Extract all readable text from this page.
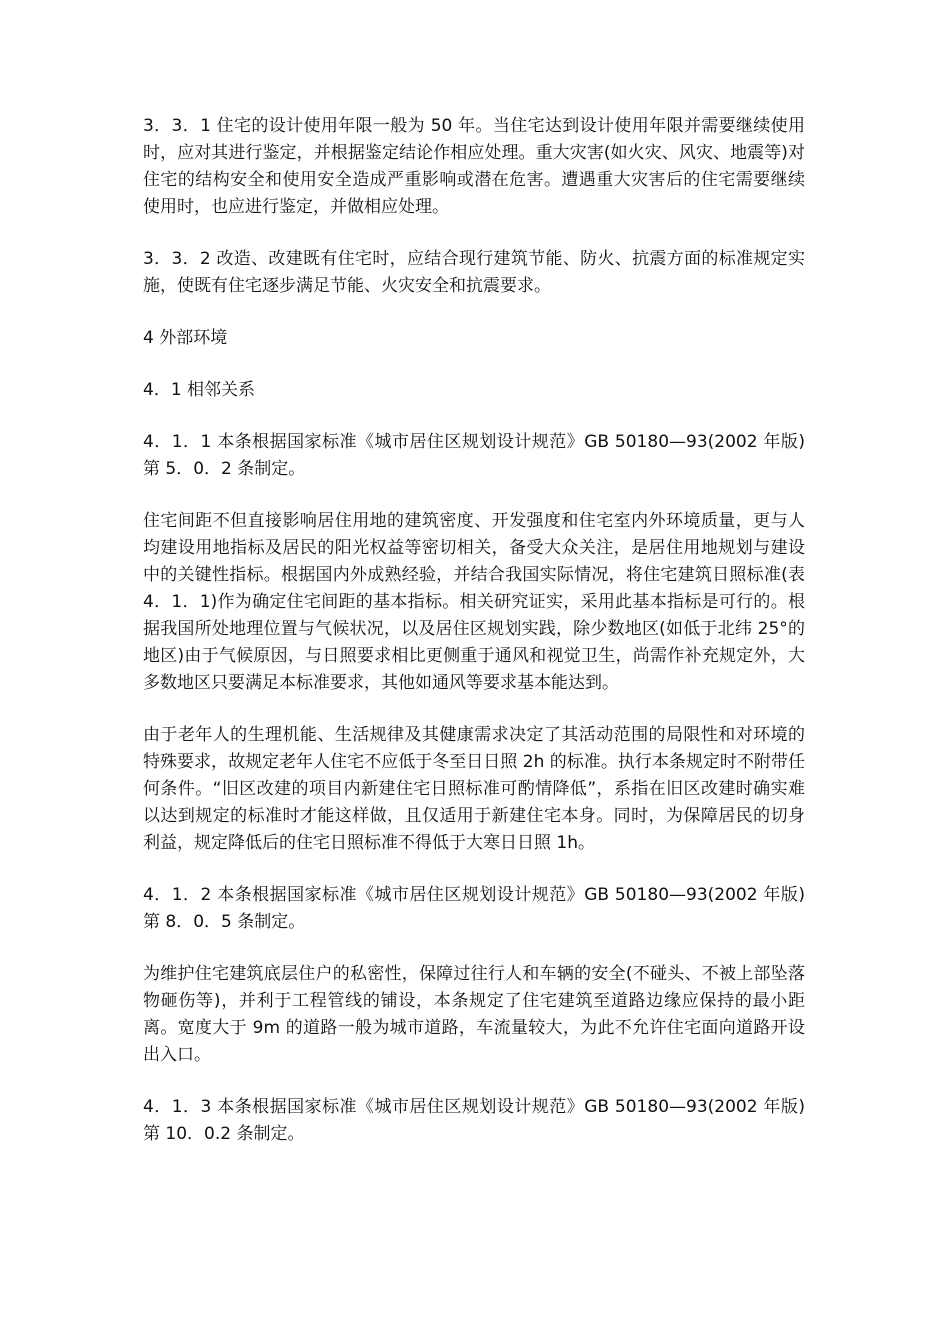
3．3．1 住宅的设计使用年限一般为 50 年。当住宅达到设计使用年限并需要继续使用时，应对其进行鉴定，并根据鉴定结论作相应处理。重大灾害(如火灾、风灾、地震等)对住宅的结构安全和使用安全造成严重影响或潜在危害。遭遇重大灾害后的住宅需要继续使用时，也应进行鉴定，并做相应处理。

3．3．2 改造、改建既有住宅时，应结合现行建筑节能、防火、抗震方面的标准规定实施，使既有住宅逐步满足节能、火灾安全和抗震要求。

4 外部环境

4．1 相邻关系

4．1．1 本条根据国家标准《城市居住区规划设计规范》GB 50180—93(2002 年版)第 5．0．2 条制定。

住宅间距不但直接影响居住用地的建筑密度、开发强度和住宅室内外环境质量，更与人均建设用地指标及居民的阳光权益等密切相关，备受大众关注，是居住用地规划与建设中的关键性指标。根据国内外成熟经验，并结合我国实际情况，将住宅建筑日照标准(表 4．1．1)作为确定住宅间距的基本指标。相关研究证实，采用此基本指标是可行的。根据我国所处地理位置与气候状况，以及居住区规划实践，除少数地区(如低于北纬 25°的地区)由于气候原因，与日照要求相比更侧重于通风和视觉卫生，尚需作补充规定外，大多数地区只要满足本标准要求，其他如通风等要求基本能达到。

由于老年人的生理机能、生活规律及其健康需求决定了其活动范围的局限性和对环境的特殊要求，故规定老年人住宅不应低于冬至日日照 2h 的标准。执行本条规定时不附带任何条件。“旧区改建的项目内新建住宅日照标准可酌情降低”，系指在旧区改建时确实难以达到规定的标准时才能这样做，且仅适用于新建住宅本身。同时，为保障居民的切身利益，规定降低后的住宅日照标准不得低于大寒日日照 1h。

4．1．2 本条根据国家标准《城市居住区规划设计规范》GB 50180—93(2002 年版)第 8．0．5 条制定。

为维护住宅建筑底层住户的私密性，保障过往行人和车辆的安全(不碰头、不被上部坠落物砸伤等)，并利于工程管线的铺设，本条规定了住宅建筑至道路边缘应保持的最小距离。宽度大于 9m 的道路一般为城市道路，车流量较大，为此不允许住宅面向道路开设出入口。

4．1．3 本条根据国家标准《城市居住区规划设计规范》GB 50180—93(2002 年版)第 10．0.2 条制定。
